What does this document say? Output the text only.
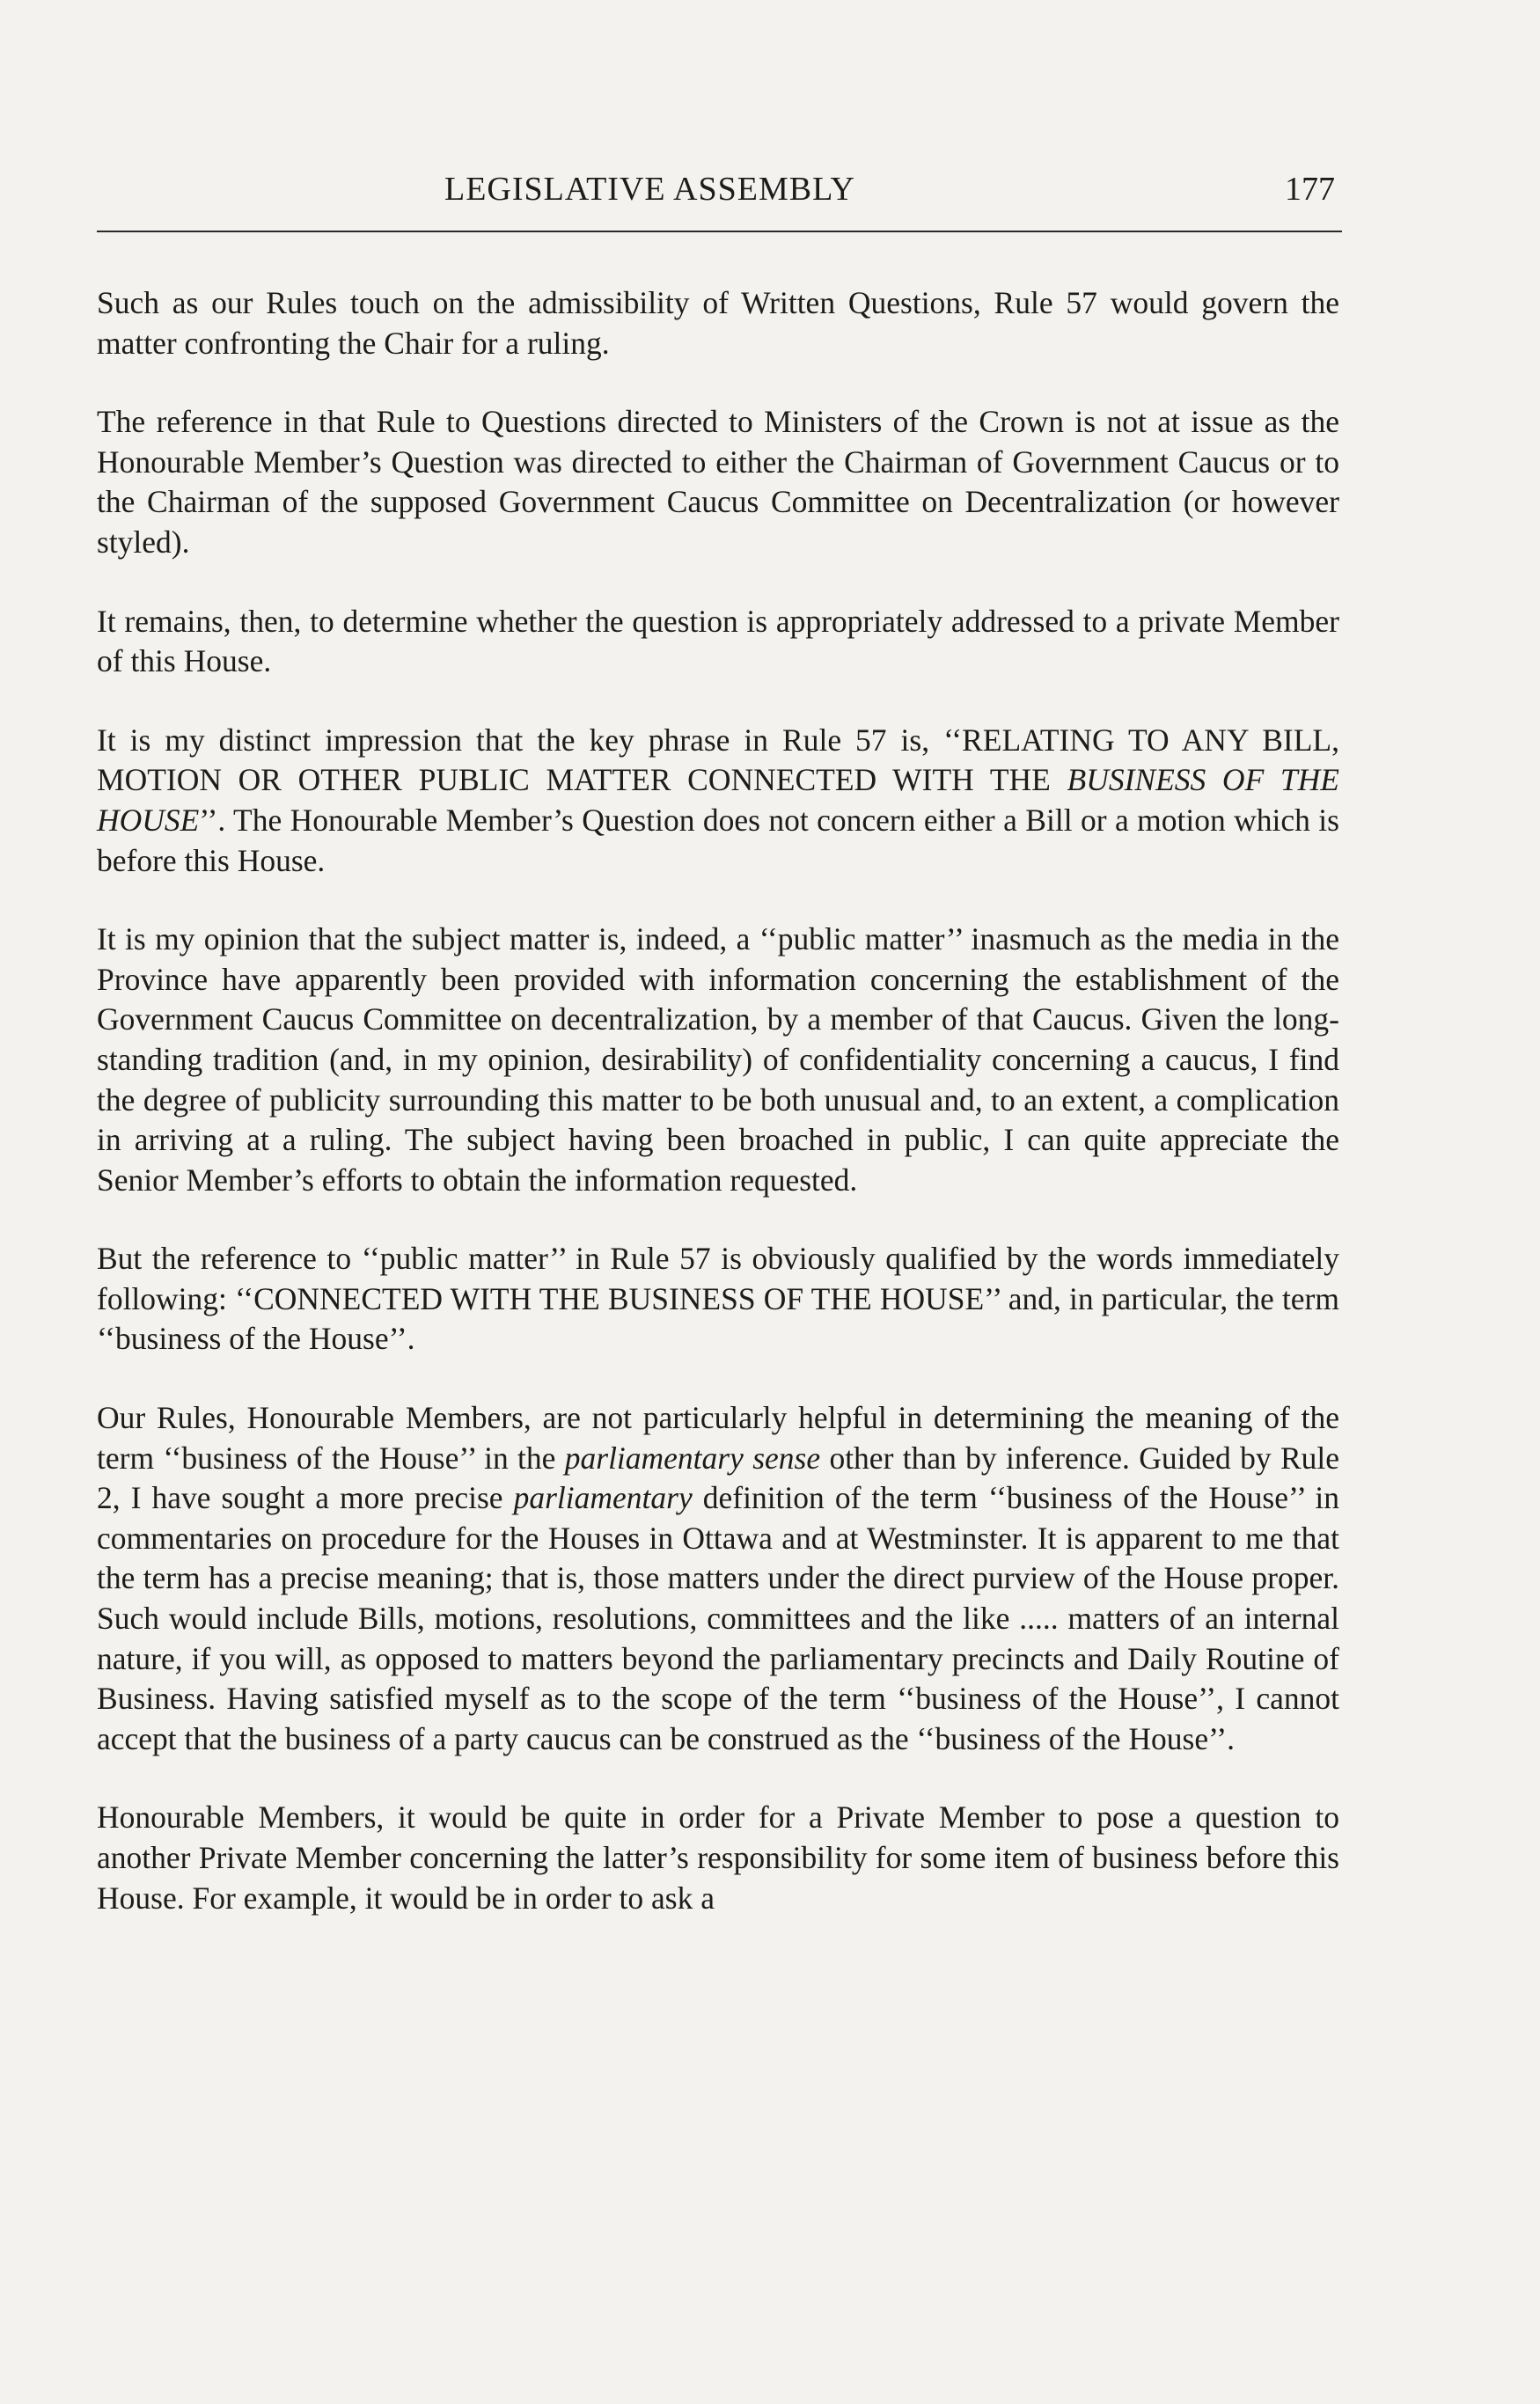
LEGISLATIVE ASSEMBLY	177

Such as our Rules touch on the admissibility of Written Questions, Rule 57 would govern the matter confronting the Chair for a ruling.

The reference in that Rule to Questions directed to Ministers of the Crown is not at issue as the Honourable Member’s Question was directed to either the Chairman of Government Caucus or to the Chairman of the supposed Government Caucus Committee on Decentralization (or however styled).

It remains, then, to determine whether the question is appropriately addressed to a private Member of this House.

It is my distinct impression that the key phrase in Rule 57 is, ‘‘RELATING TO ANY BILL, MOTION OR OTHER PUBLIC MATTER CONNECTED WITH THE BUSINESS OF THE HOUSE’’. The Honourable Member’s Question does not concern either a Bill or a motion which is before this House.

It is my opinion that the subject matter is, indeed, a ‘‘public matter’’ inasmuch as the media in the Province have apparently been provided with information concerning the establishment of the Government Caucus Committee on decentralization, by a member of that Caucus. Given the long-standing tradition (and, in my opinion, desirability) of confidentiality concerning a caucus, I find the degree of publicity surrounding this matter to be both unusual and, to an extent, a complication in arriving at a ruling. The subject having been broached in public, I can quite appreciate the Senior Member’s efforts to obtain the information requested.

But the reference to ‘‘public matter’’ in Rule 57 is obviously qualified by the words immediately following: ‘‘CONNECTED WITH THE BUSINESS OF THE HOUSE’’ and, in particular, the term ‘‘business of the House’’.

Our Rules, Honourable Members, are not particularly helpful in determining the meaning of the term ‘‘business of the House’’ in the parliamentary sense other than by inference. Guided by Rule 2, I have sought a more precise parliamentary definition of the term ‘‘business of the House’’ in commentaries on procedure for the Houses in Ottawa and at Westminster. It is apparent to me that the term has a precise meaning; that is, those matters under the direct purview of the House proper. Such would include Bills, motions, resolutions, committees and the like ..... matters of an internal nature, if you will, as opposed to matters beyond the parliamentary precincts and Daily Routine of Business. Having satisfied myself as to the scope of the term ‘‘business of the House’’, I cannot accept that the business of a party caucus can be construed as the ‘‘business of the House’’.

Honourable Members, it would be quite in order for a Private Member to pose a question to another Private Member concerning the latter’s responsibility for some item of business before this House. For example, it would be in order to ask a
